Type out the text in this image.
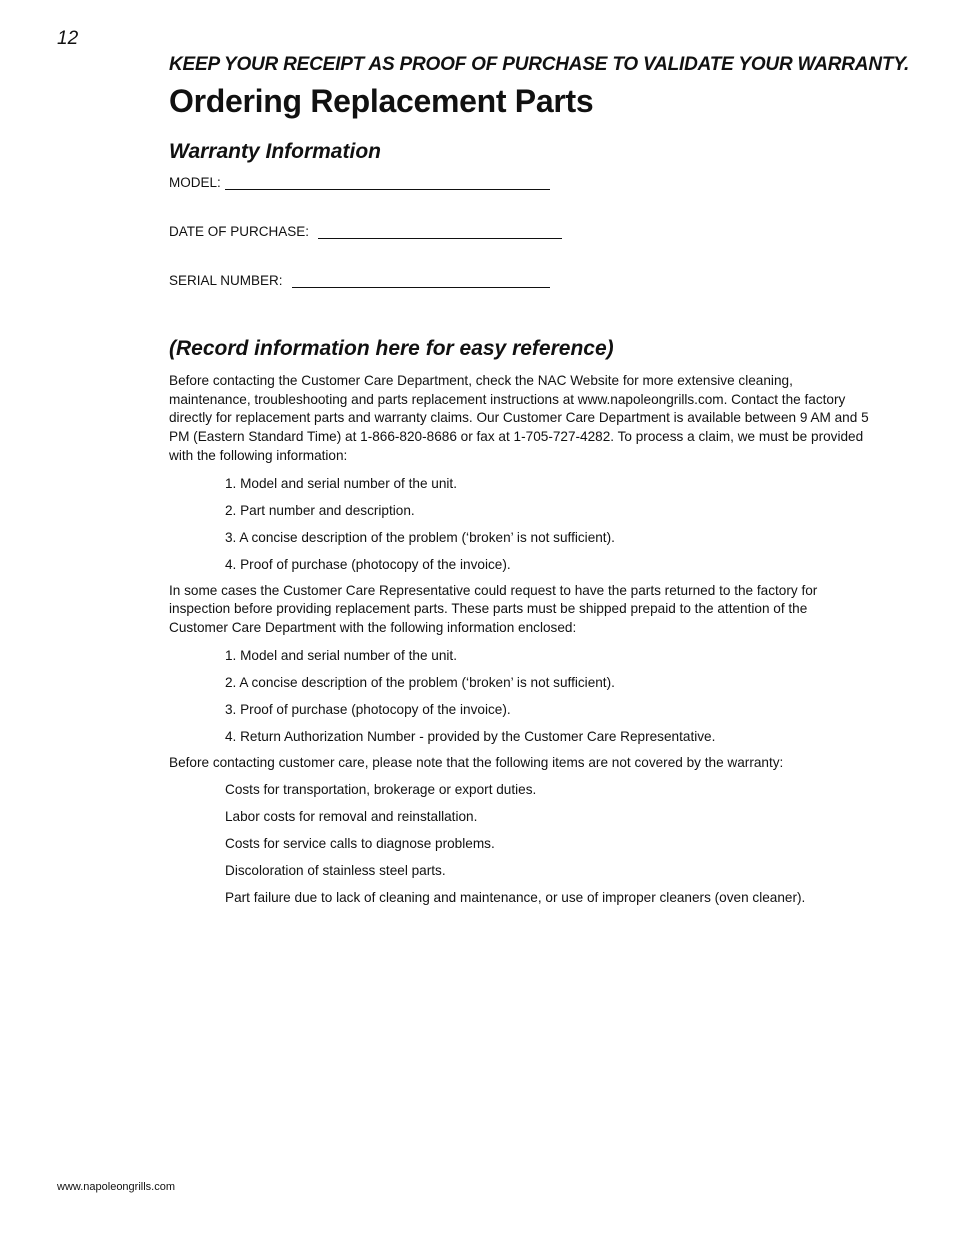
12
KEEP YOUR RECEIPT AS PROOF OF PURCHASE TO VALIDATE YOUR WARRANTY.
Ordering Replacement Parts
Warranty Information
MODEL:
DATE OF PURCHASE:
SERIAL NUMBER:
(Record information here for easy reference)

Before contacting the Customer Care Department, check the NAC Website for more extensive cleaning, maintenance, troubleshooting and parts replacement instructions at www.napoleongrills.com. Contact the factory directly for replacement parts and warranty claims. Our Customer Care Department is available between 9 AM and 5 PM (Eastern Standard Time) at 1-866-820-8686 or fax at 1-705-727-4282. To process a claim, we must be provided with the following information:

1. Model and serial number of the unit.
2. Part number and description.
3. A concise description of the problem (‘broken’ is not sufficient).
4. Proof of purchase (photocopy of the invoice).

In some cases the Customer Care Representative could request to have the parts returned to the factory for inspection before providing replacement parts. These parts must be shipped prepaid to the attention of the Customer Care Department with the following information enclosed:

1. Model and serial number of the unit.
2. A concise description of the problem (‘broken’ is not sufficient).
3. Proof of purchase (photocopy of the invoice).
4. Return Authorization Number - provided by the Customer Care Representative.

Before contacting customer care, please note that the following items are not covered by the warranty:

Costs for transportation, brokerage or export duties.
Labor costs for removal and reinstallation.
Costs for service calls to diagnose problems.
Discoloration of stainless steel parts.
Part failure due to lack of cleaning and maintenance, or use of improper cleaners (oven cleaner).
www.napoleongrills.com
